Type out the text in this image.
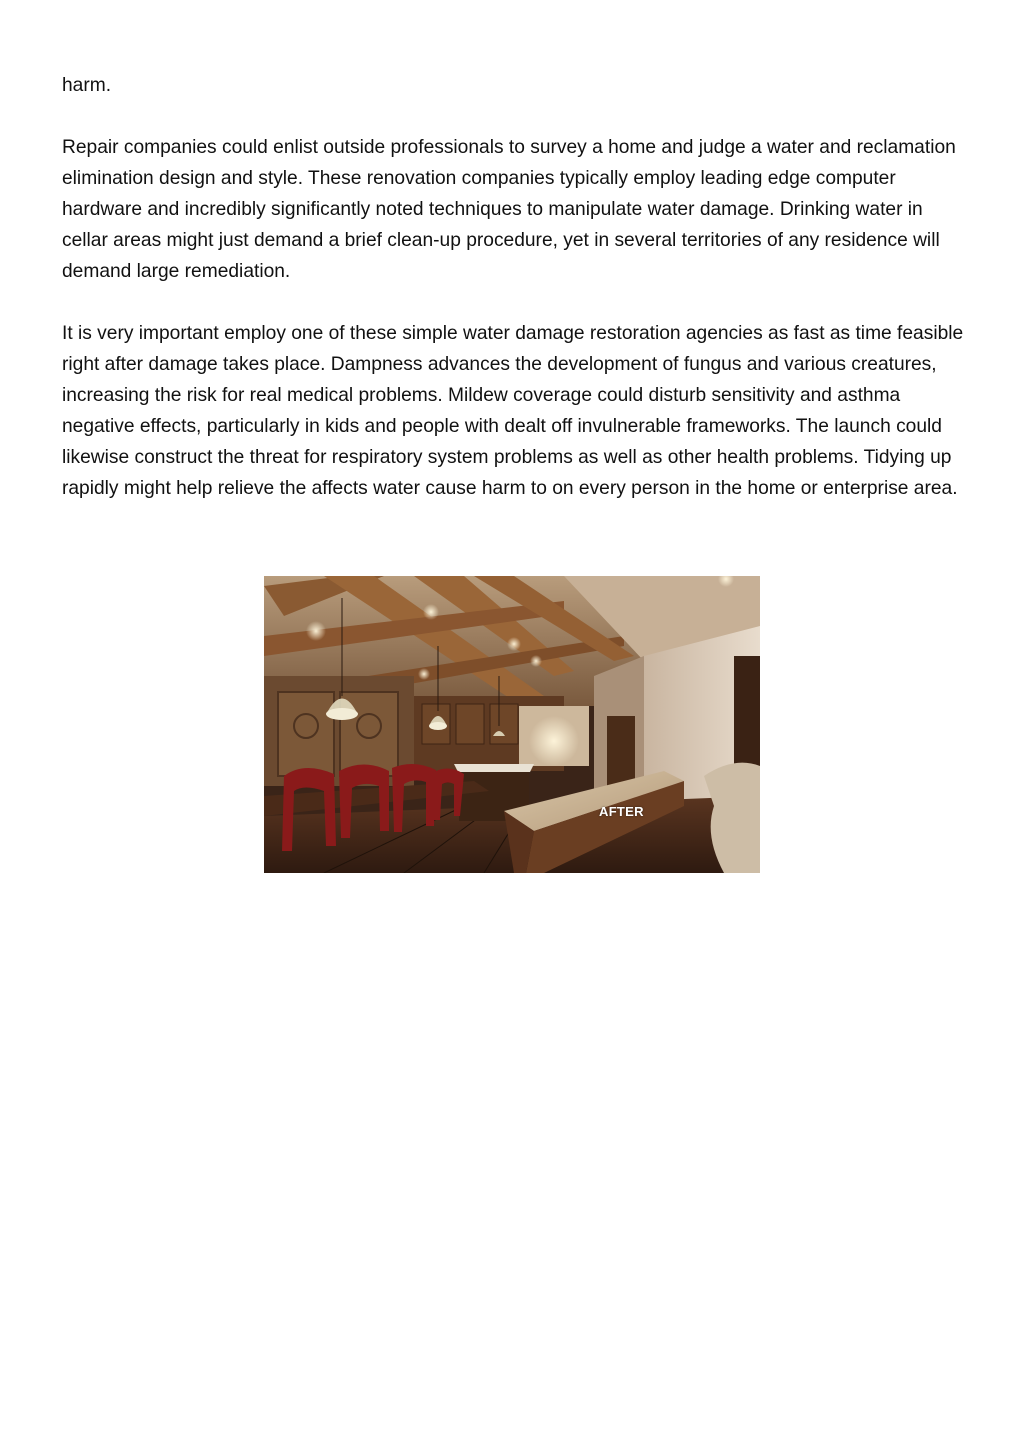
harm.

Repair companies could enlist outside professionals to survey a home and judge a water and reclamation elimination design and style. These renovation companies typically employ leading edge computer hardware and incredibly significantly noted techniques to manipulate water damage. Drinking water in cellar areas might just demand a brief clean-up procedure, yet in several territories of any residence will demand large remediation.

It is very important employ one of these simple water damage restoration agencies as fast as time feasible right after damage takes place. Dampness advances the development of fungus and various creatures, increasing the risk for real medical problems. Mildew coverage could disturb sensitivity and asthma negative effects, particularly in kids and people with dealt off invulnerable frameworks. The launch could likewise construct the threat for respiratory system problems as well as other health problems. Tidying up rapidly might help relieve the affects water cause harm to on every person in the home or enterprise area.

AFTER
